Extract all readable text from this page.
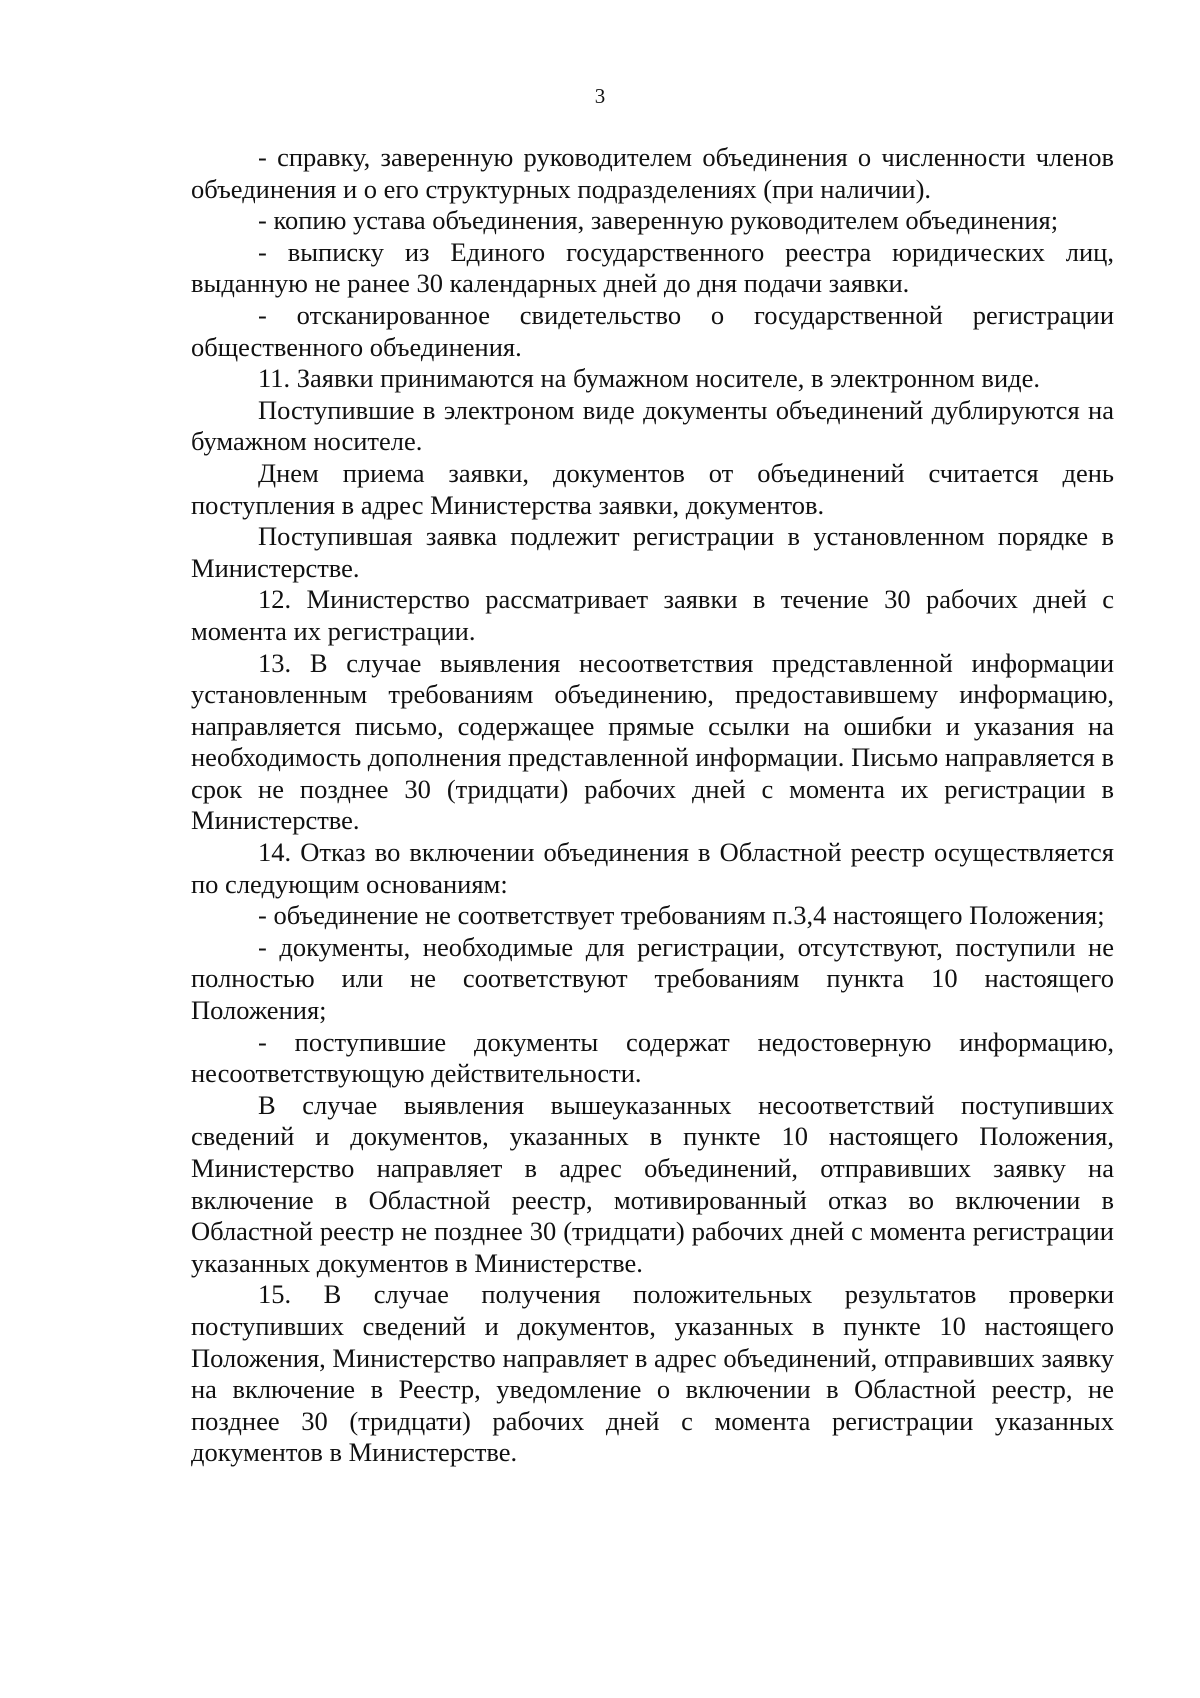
3

- справку, заверенную руководителем объединения о численности членов объединения и о его структурных подразделениях (при наличии).

- копию устава объединения, заверенную руководителем объединения;

- выписку из Единого государственного реестра юридических лиц, выданную не ранее 30 календарных дней до дня подачи заявки.

- отсканированное свидетельство о государственной регистрации общественного объединения.

11. Заявки принимаются на бумажном носителе, в электронном виде.

Поступившие в электроном виде документы объединений дублируются на бумажном носителе.

Днем приема заявки, документов от объединений считается день поступления в адрес Министерства заявки, документов.

Поступившая заявка подлежит регистрации в установленном порядке в Министерстве.

12. Министерство рассматривает заявки в течение 30 рабочих дней с момента их регистрации.

13. В случае выявления несоответствия представленной информации установленным требованиям объединению, предоставившему информацию, направляется письмо, содержащее прямые ссылки на ошибки и указания на необходимость дополнения представленной информации. Письмо направляется в срок не позднее 30 (тридцати) рабочих дней с момента их регистрации в Министерстве.

14. Отказ во включении объединения в Областной реестр осуществляется по следующим основаниям:

- объединение не соответствует требованиям п.3,4 настоящего Положения;

- документы, необходимые для регистрации, отсутствуют, поступили не полностью или не соответствуют требованиям пункта 10 настоящего Положения;

- поступившие документы содержат недостоверную информацию, несоответствующую действительности.

В случае выявления вышеуказанных несоответствий поступивших сведений и документов, указанных в пункте 10 настоящего Положения, Министерство направляет в адрес объединений, отправивших заявку на включение в Областной реестр, мотивированный отказ во включении в Областной реестр не позднее 30 (тридцати) рабочих дней с момента регистрации указанных документов в Министерстве.

15. В случае получения положительных результатов проверки поступивших сведений и документов, указанных в пункте 10 настоящего Положения, Министерство направляет в адрес объединений, отправивших заявку на включение в Реестр, уведомление о включении в Областной реестр, не позднее 30 (тридцати) рабочих дней с момента регистрации указанных документов в Министерстве.
